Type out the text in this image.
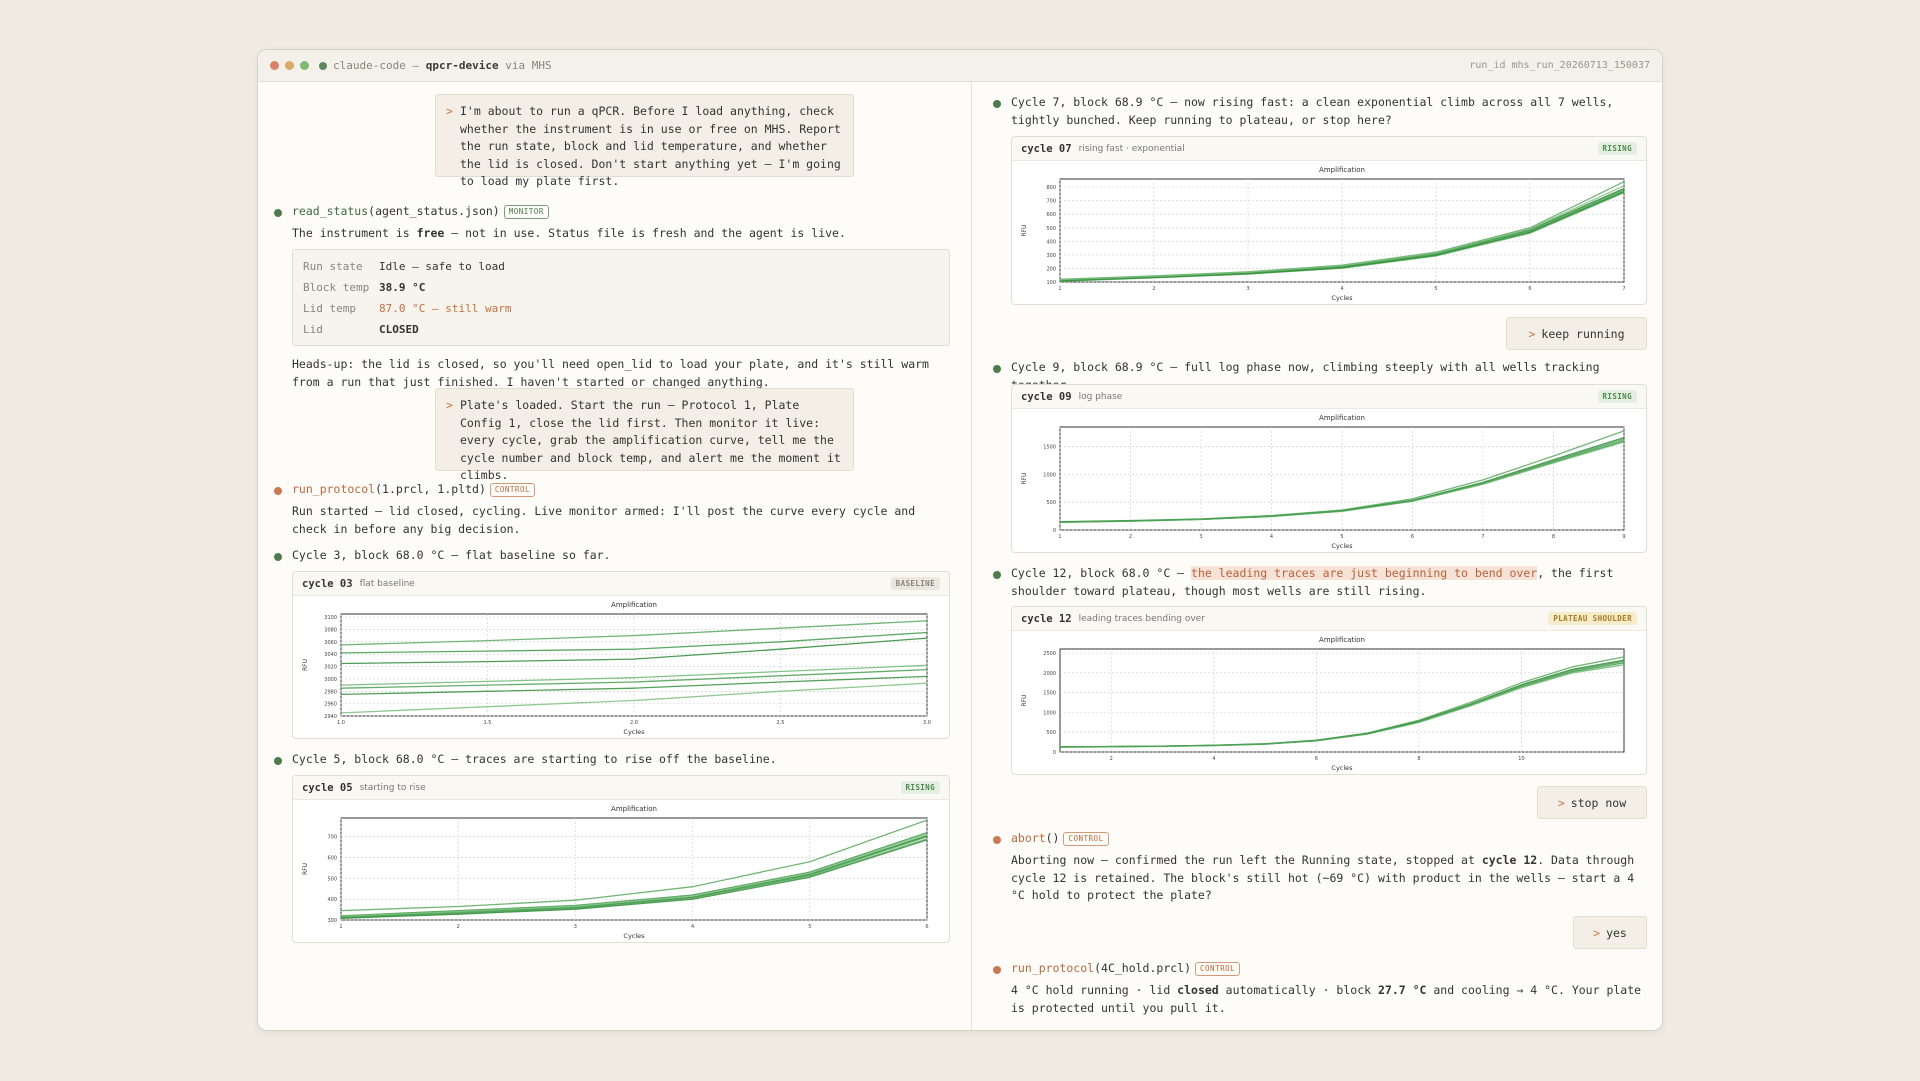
claude-code — qpcr-device via MHS	run_id mhs_run_20260713_150037
> I'm about to run a qPCR. Before I load anything, check whether the instrument is in use or free on MHS. Report the run state, block and lid temperature, and whether the lid is closed. Don't start anything yet — I'm going to load my plate first.
read_status(agent_status.json) MONITOR
The instrument is free — not in use. Status file is fresh and the agent is live.
Run state	Idle — safe to load
Block temp 38.9 °C
Lid temp	87.0 °C — still warm
Lid	CLOSED
Heads-up: the lid is closed, so you'll need open_lid to load your plate, and it's still warm from a run that just finished. I haven't started or changed anything.
> Plate's loaded. Start the run — Protocol 1, Plate Config 1, close the lid first. Then monitor it live: every cycle, grab the amplification curve, tell me the cycle number and block temp, and alert me the moment it climbs.
run_protocol(1.prcl, 1.pltd) CONTROL
Run started — lid closed, cycling. Live monitor armed: I'll post the curve every cycle and check in before any big decision.
Cycle 3, block 68.0 °C — flat baseline so far.
cycle 03 flat baseline	BASELINE
Amplification
2940
2960
2980
3000
3020
3040
3060
3080
3100
1.0	1.5	2.0	2.5	3.0
Cycles
RFU
Cycle 5, block 68.0 °C — traces are starting to rise off the baseline.
cycle 05 starting to rise	RISING
Amplification
300
400
500
600
700
1	2	3	4	5	6
Cycles
RFU
Cycle 7, block 68.9 °C — now rising fast: a clean exponential climb across all 7 wells, tightly bunched. Keep running to plateau, or stop here?
cycle 07 rising fast · exponential	RISING
Amplification
100
200
300
400
500
600
700
800
1	2	3	4	5	6	7
Cycles
RFU
> keep running
Cycle 9, block 68.9 °C — full log phase now, climbing steeply with all wells tracking
cycle 09 log phase	RISING
Amplification
0
500
1000
1500
1	2	3	4	5	6	7	8	9
Cycles
RFU
Cycle 12, block 68.0 °C — the leading traces are just beginning to bend over, the first shoulder toward plateau, though most wells are still rising.
cycle 12 leading traces bending over	PLATEAU SHOULDER
Amplification
0
500
1000
1500
2000
2500
2	4	6	8	10
Cycles
RFU
> stop now
abort() CONTROL
Aborting now — confirmed the run left the Running state, stopped at cycle 12. Data through cycle 12 is retained. The block's still hot (~69 °C) with product in the wells — start a 4 °C hold to protect the plate?
> yes
run_protocol(4C_hold.prcl) CONTROL
4 °C hold running · lid closed automatically · block 27.7 °C and cooling → 4 °C. Your plate is protected until you pull it.
